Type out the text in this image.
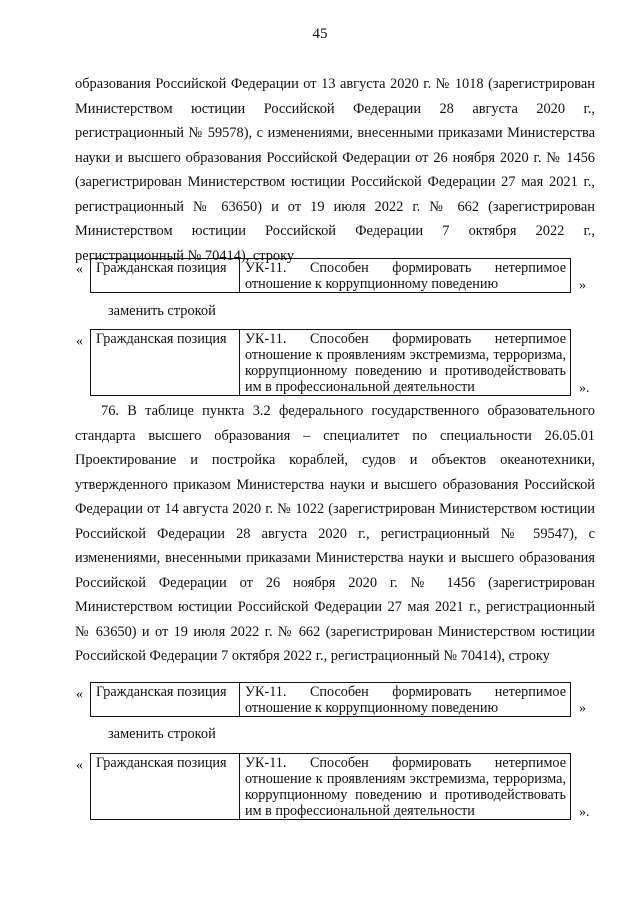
45

образования Российской Федерации от 13 августа 2020 г. № 1018 (зарегистрирован Министерством юстиции Российской Федерации 28 августа 2020 г., регистрационный № 59578), с изменениями, внесенными приказами Министерства науки и высшего образования Российской Федерации от 26 ноября 2020 г. № 1456 (зарегистрирован Министерством юстиции Российской Федерации 27 мая 2021 г., регистрационный № 63650) и от 19 июля 2022 г. № 662 (зарегистрирован Министерством юстиции Российской Федерации 7 октября 2022 г., регистрационный № 70414), строку

« Гражданская позиция	УК-11. Способен формировать нетерпимое отношение к коррупционному поведению	»
заменить строкой
« Гражданская позиция	УК-11. Способен формировать нетерпимое отношение к проявлениям экстремизма, терроризма, коррупционному поведению и противодействовать им в профессиональной деятельности	».

76. В таблице пункта 3.2 федерального государственного образовательного стандарта высшего образования – специалитет по специальности 26.05.01 Проектирование и постройка кораблей, судов и объектов океанотехники, утвержденного приказом Министерства науки и высшего образования Российской Федерации от 14 августа 2020 г. № 1022 (зарегистрирован Министерством юстиции Российской Федерации 28 августа 2020 г., регистрационный № 59547), с изменениями, внесенными приказами Министерства науки и высшего образования Российской Федерации от 26 ноября 2020 г. № 1456 (зарегистрирован Министерством юстиции Российской Федерации 27 мая 2021 г., регистрационный № 63650) и от 19 июля 2022 г. № 662 (зарегистрирован Министерством юстиции Российской Федерации 7 октября 2022 г., регистрационный № 70414), строку

« Гражданская позиция	УК-11. Способен формировать нетерпимое отношение к коррупционному поведению	»
заменить строкой
« Гражданская позиция	УК-11. Способен формировать нетерпимое отношение к проявлениям экстремизма, терроризма, коррупционному поведению и противодействовать им в профессиональной деятельности	».
